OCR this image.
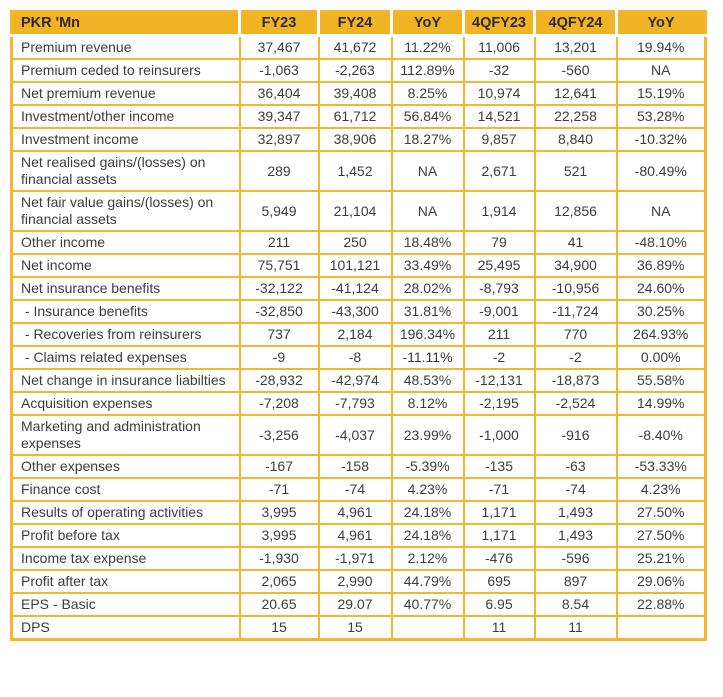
PKR 'Mn	FY23	FY24	YoY	4QFY23	4QFY24	YoY
Premium revenue	37,467	41,672	11.22%	11,006	13,201	19.94%
Premium ceded to reinsurers	-1,063	-2,263	112.89%	-32	-560	NA
Net premium revenue	36,404	39,408	8.25%	10,974	12,641	15.19%
Investment/other income	39,347	61,712	56.84%	14,521	22,258	53.28%
Investment income	32,897	38,906	18.27%	9,857	8,840	-10.32%
Net realised gains/(losses) on financial assets	289	1,452	NA	2,671	521	-80.49%
Net fair value gains/(losses) on financial assets	5,949	21,104	NA	1,914	12,856	NA
Other income	211	250	18.48%	79	41	-48.10%
Net income	75,751	101,121	33.49%	25,495	34,900	36.89%
Net insurance benefits	-32,122	-41,124	28.02%	-8,793	-10,956	24.60%
- Insurance benefits	-32,850	-43,300	31.81%	-9,001	-11,724	30.25%
- Recoveries from reinsurers	737	2,184	196.34%	211	770	264.93%
- Claims related expenses	-9	-8	-11.11%	-2	-2	0.00%
Net change in insurance liabilties	-28,932	-42,974	48.53%	-12,131	-18,873	55.58%
Acquisition expenses	-7,208	-7,793	8.12%	-2,195	-2,524	14.99%
Marketing and administration expenses	-3,256	-4,037	23.99%	-1,000	-916	-8.40%
Other expenses	-167	-158	-5.39%	-135	-63	-53.33%
Finance cost	-71	-74	4.23%	-71	-74	4.23%
Results of operating activities	3,995	4,961	24.18%	1,171	1,493	27.50%
Profit before tax	3,995	4,961	24.18%	1,171	1,493	27.50%
Income tax expense	-1,930	-1,971	2.12%	-476	-596	25.21%
Profit after tax	2,065	2,990	44.79%	695	897	29.06%
EPS - Basic	20.65	29.07	40.77%	6.95	8.54	22.88%
DPS	15	15		11	11	
